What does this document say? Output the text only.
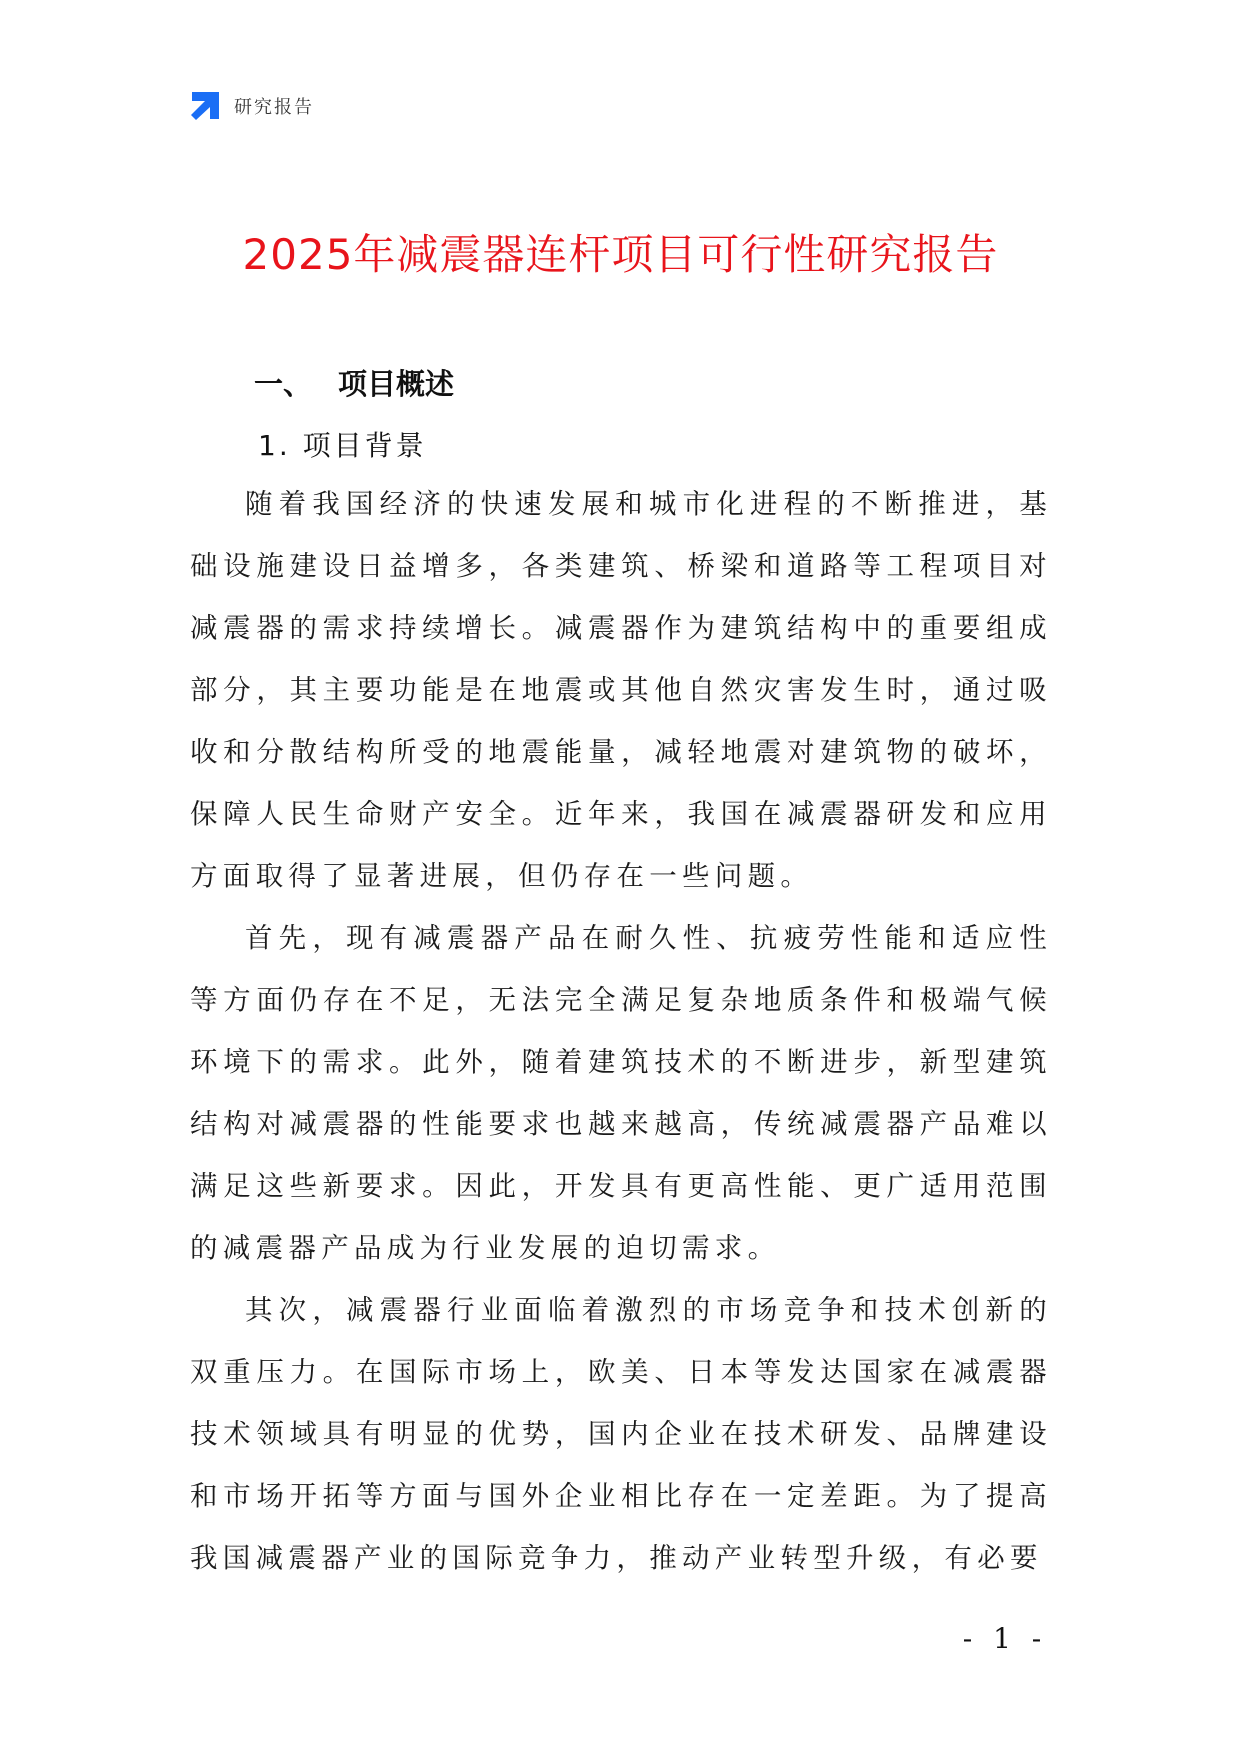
研究报告
2025年减震器连杆项目可行性研究报告
一、 项目概述
1. 项目背景

随着我国经济的快速发展和城市化进程的不断推进，基础设施建设日益增多，各类建筑、桥梁和道路等工程项目对减震器的需求持续增长。减震器作为建筑结构中的重要组成部分，其主要功能是在地震或其他自然灾害发生时，通过吸收和分散结构所受的地震能量，减轻地震对建筑物的破坏，保障人民生命财产安全。近年来，我国在减震器研发和应用方面取得了显著进展，但仍存在一些问题。

首先，现有减震器产品在耐久性、抗疲劳性能和适应性等方面仍存在不足，无法完全满足复杂地质条件和极端气候环境下的需求。此外，随着建筑技术的不断进步，新型建筑结构对减震器的性能要求也越来越高，传统减震器产品难以满足这些新要求。因此，开发具有更高性能、更广适用范围的减震器产品成为行业发展的迫切需求。

其次，减震器行业面临着激烈的市场竞争和技术创新的双重压力。在国际市场上，欧美、日本等发达国家在减震器技术领域具有明显的优势，国内企业在技术研发、品牌建设和市场开拓等方面与国外企业相比存在一定差距。为了提高我国减震器产业的国际竞争力，推动产业转型升级，有必要

- 1 -
